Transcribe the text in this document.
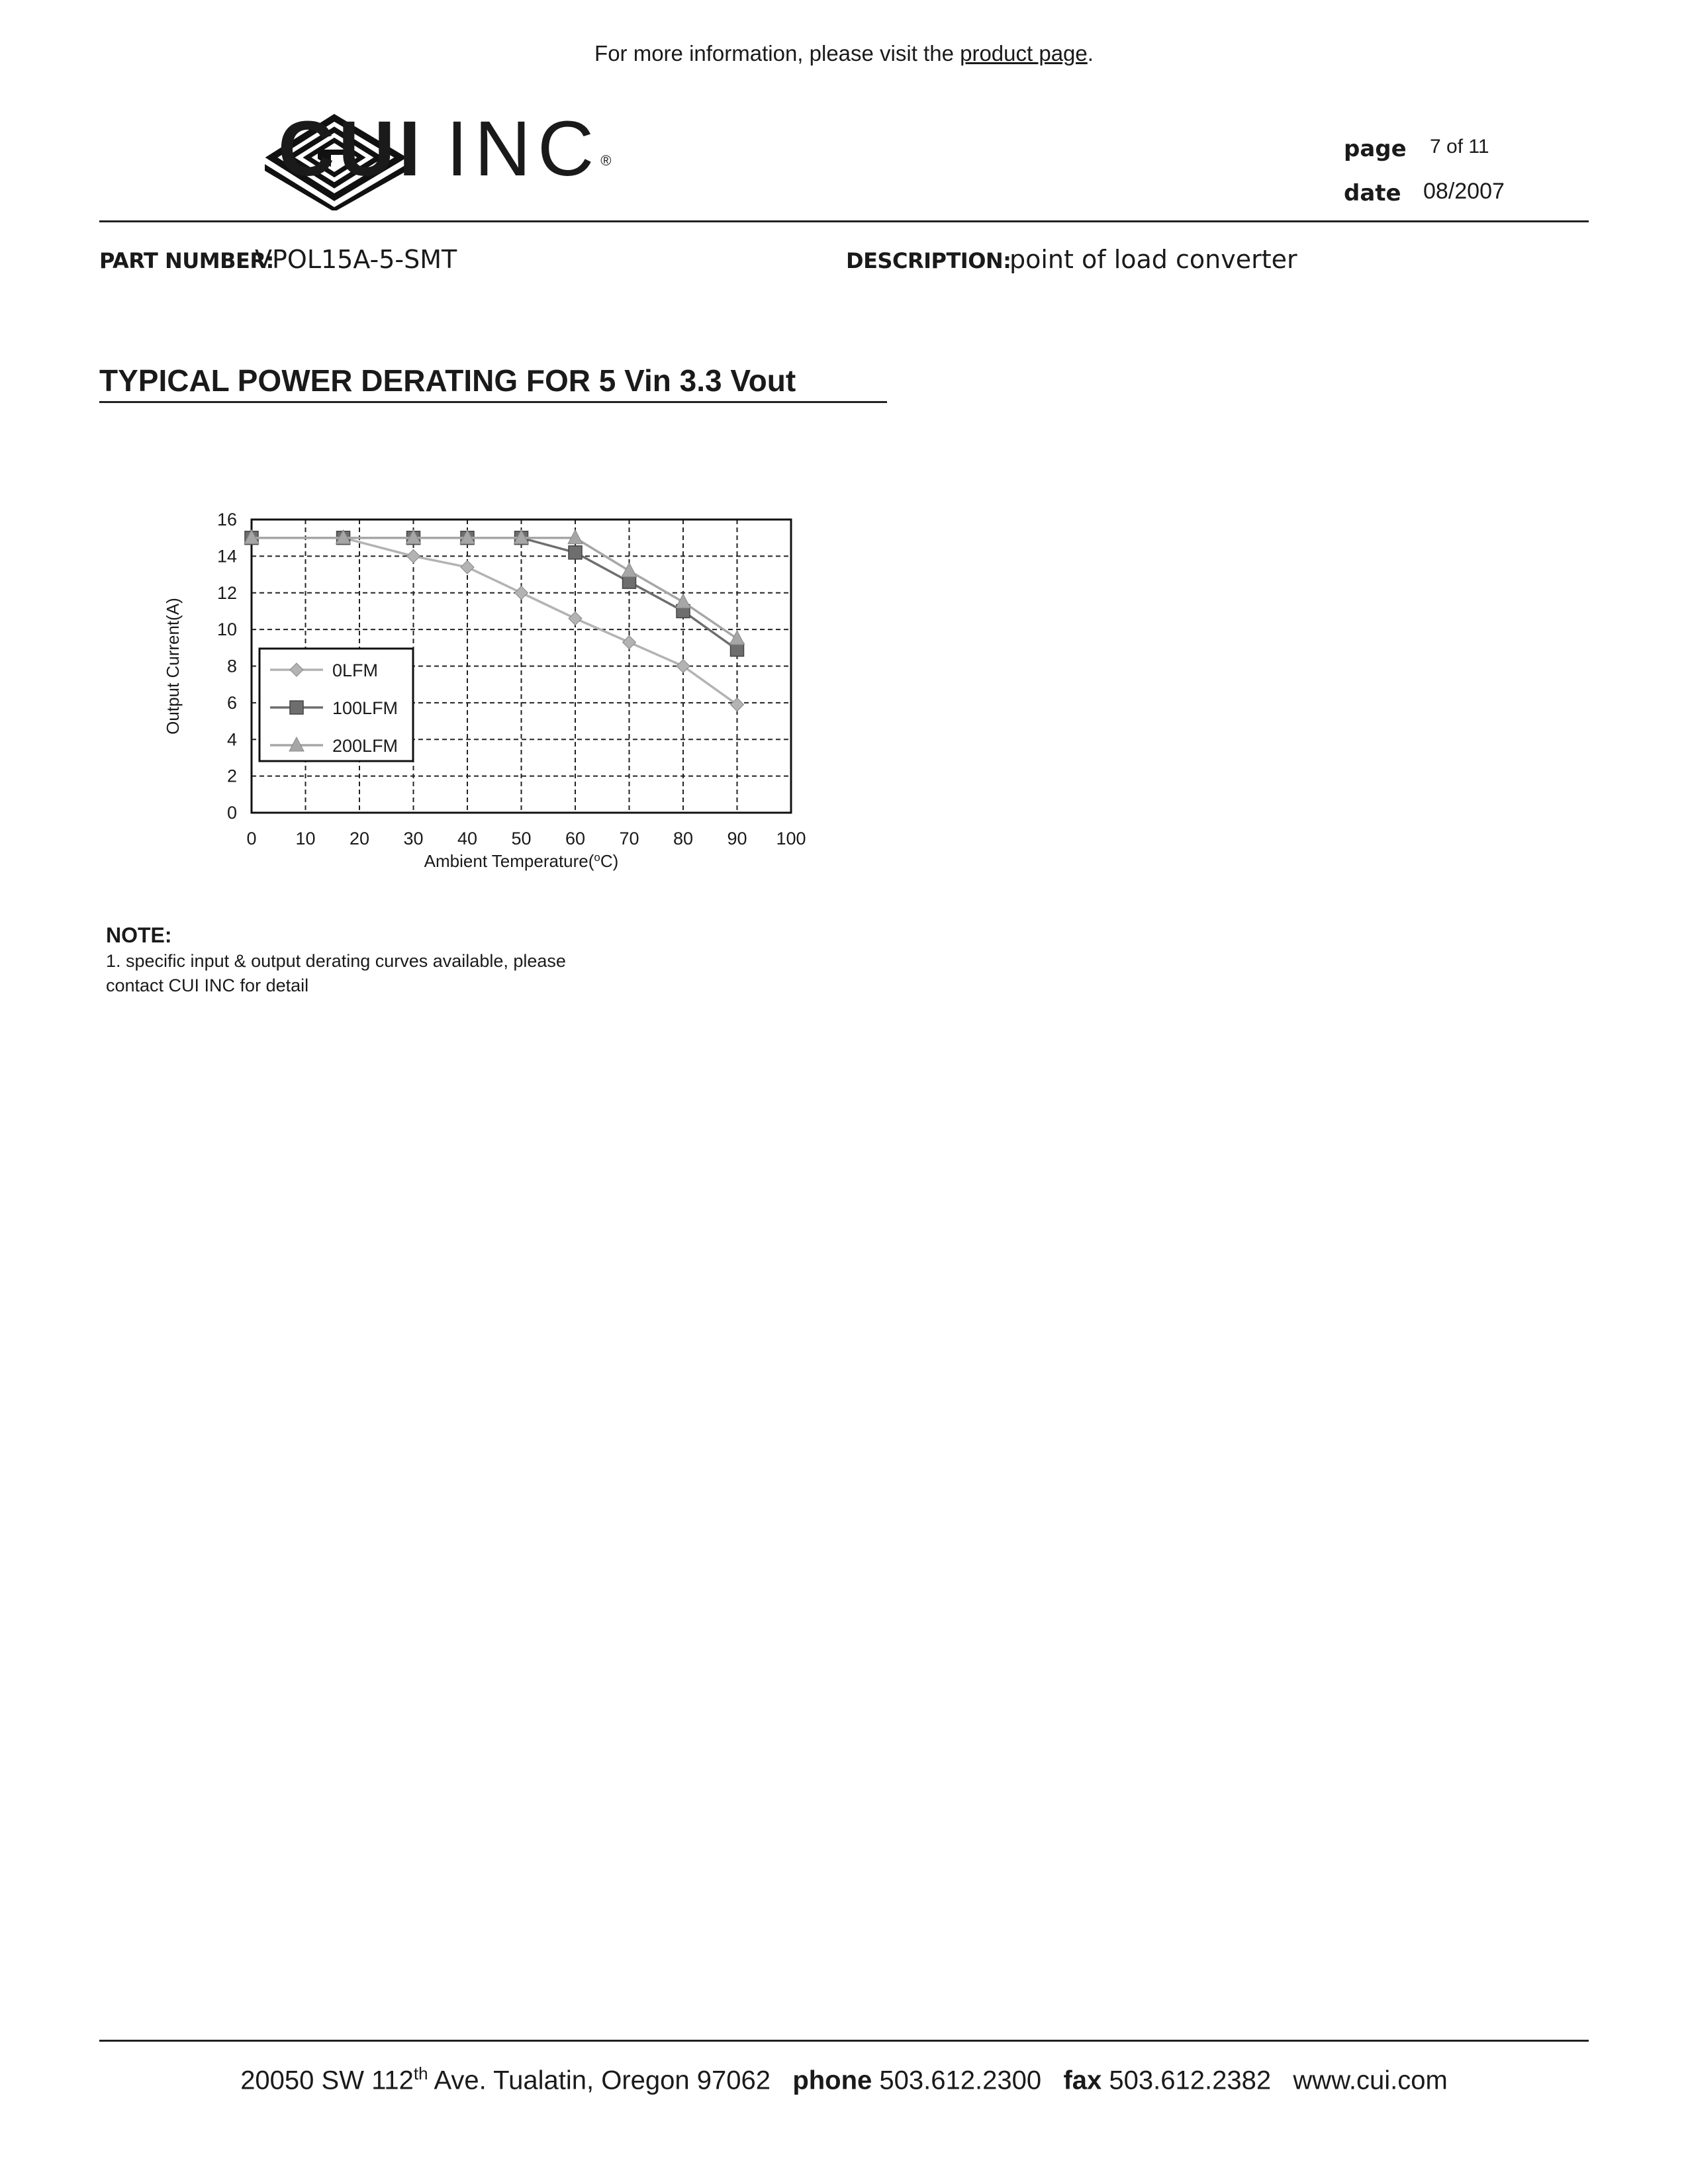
For more information, please visit the product page.
CUI INC®	page 7 of 11
date 08/2007
PART NUMBER:
VPOL15A-5-SMT	DESCRIPTION:
point of load converter
TYPICAL POWER DERATING FOR 5 Vin 3.3 Vout
0 10 20 30 40 50 60 70 80 90 100
0
2
4
6
8
10
12
14
16
Ambient Temperature($^o$C)
Output Current(A)	0LFM
100LFM
200LFM
NOTE:
1. specific input & output derating curves available, please
contact CUI INC for detail
20050 SW 112th Ave. Tualatin, Oregon 97062 phone 503.612.2300 fax 503.612.2382 www.cui.com
